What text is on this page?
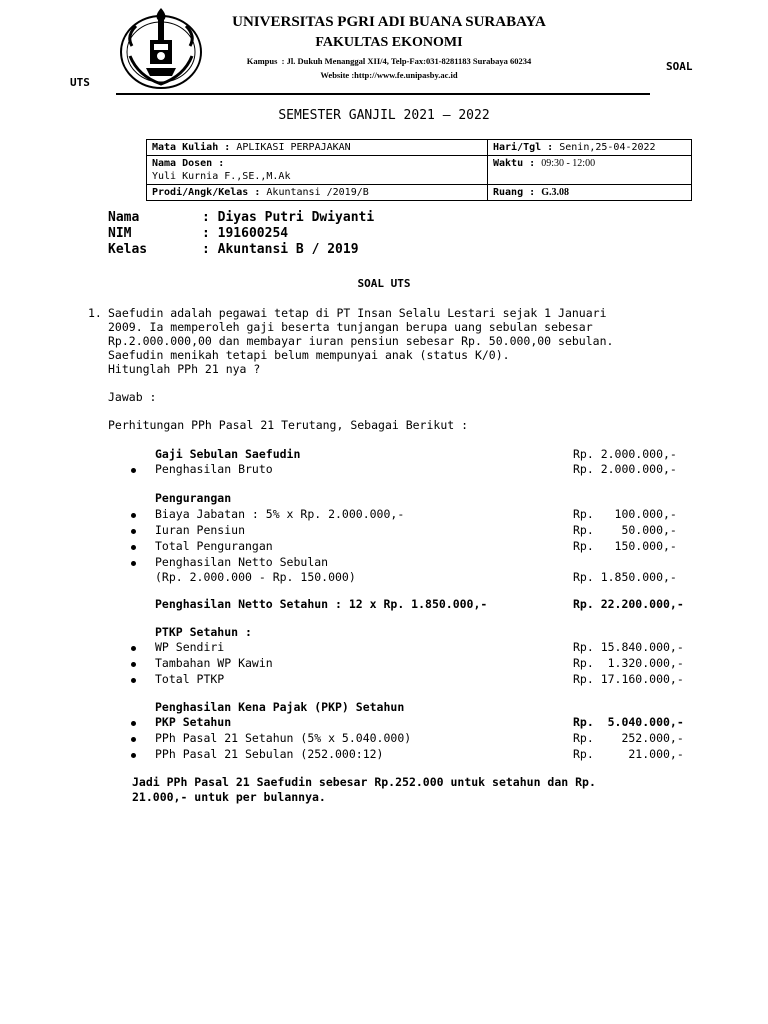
UNIVERSITAS PGRI ADI BUANA SURABAYA
FAKULTAS EKONOMI
Kampus  : Jl. Dukuh Menanggal XII/4, Telp-Fax:031-8281183 Surabaya 60234
Website :http://www.fe.unipasby.ac.id
UTS
SOAL
SEMESTER GANJIL 2021 – 2022
Mata Kuliah : APLIKASI PERPAJAKAN	Hari/Tgl : Senin,25-04-2022

Nama Dosen :
Yuli Kurnia F.,SE.,M.Ak	Waktu : 09:30 - 12:00
Prodi/Angk/Kelas : Akuntansi /2019/B	Ruang : G.3.08
Nama	: Diyas Putri Dwiyanti
NIM	: 191600254
Kelas	: Akuntansi B / 2019
SOAL UTS
1. Saefudin adalah pegawai tetap di PT Insan Selalu Lestari sejak 1 Januari
2009. Ia memperoleh gaji beserta tunjangan berupa uang sebulan sebesar
Rp.2.000.000,00 dan membayar iuran pensiun sebesar Rp. 50.000,00 sebulan.
Saefudin menikah tetapi belum mempunyai anak (status K/0).
Hitunglah PPh 21 nya ?
Jawab :
Perhitungan PPh Pasal 21 Terutang, Sebagai Berikut :
Gaji Sebulan Saefudin	Rp. 2.000.000,-
Penghasilan Bruto	Rp. 2.000.000,-
Pengurangan
Biaya Jabatan : 5% x Rp. 2.000.000,-	Rp.   100.000,-
Iuran Pensiun	Rp.    50.000,-
Total Pengurangan	Rp.   150.000,-
Penghasilan Netto Sebulan
(Rp. 2.000.000 - Rp. 150.000)	Rp. 1.850.000,-
Penghasilan Netto Setahun : 12 x Rp. 1.850.000,-	Rp. 22.200.000,-
PTKP Setahun :
WP Sendiri	Rp. 15.840.000,-
Tambahan WP Kawin	Rp.  1.320.000,-
Total PTKP	Rp. 17.160.000,-
Penghasilan Kena Pajak (PKP) Setahun
PKP Setahun	Rp.  5.040.000,-
PPh Pasal 21 Setahun (5% x 5.040.000)	Rp.    252.000,-
PPh Pasal 21 Sebulan (252.000:12)	Rp.     21.000,-
Jadi PPh Pasal 21 Saefudin sebesar Rp.252.000 untuk setahun dan Rp.
21.000,- untuk per bulannya.
